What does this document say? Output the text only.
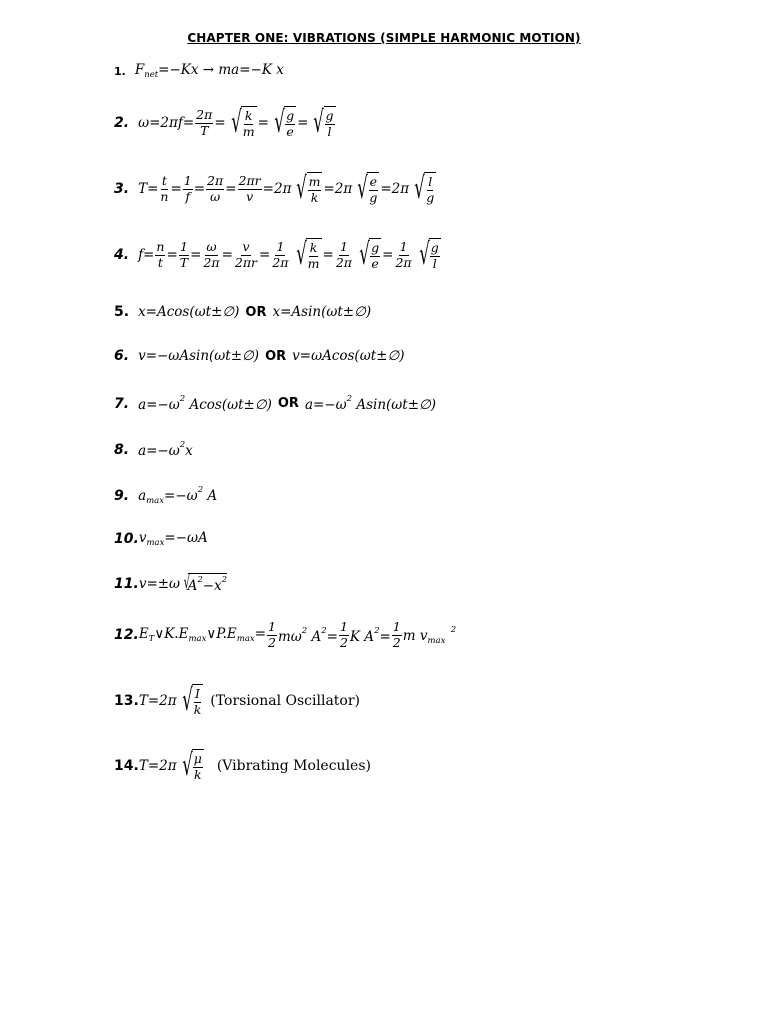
CHAPTER ONE: VIBRATIONS (SIMPLE HARMONIC MOTION)
1. $F_{net}=-Kx \to ma=-K$ x
2. $\omega=2\pi f= \frac{2\pi}{T}$ = √ $\frac{k}{m}$ = √ $\frac{g}{e}$ = √ $\frac{g}{l}$
3. $T= \frac{t}{n} = \frac{1}{f} = \frac{2\pi}{\omega} = \frac{2\pi r}{v} =2\pi$ √ $\frac{m}{k} =2\pi$ √ $\frac{e}{g} =2\pi$ √ $\frac{l}{g}$
4. $f= \frac{n}{t} = \frac{1}{T} = \frac{\omega}{2\pi} = \frac{v}{2\pi r} = \frac{1}{2\pi}$ √ $\frac{k}{m} = \frac{1}{2\pi}$ √ $\frac{g}{e} = \frac{1}{2\pi}$ √ $\frac{g}{l}$
5. x=Acos(ωt±∅) OR x=Asin(ωt±∅)
6. v=−ωAsin(ωt±∅) OR v=ωAcos(ωt±∅)
7. $a=-\omega^2$ Acos(ωt±∅) OR $a=-\omega^2$ Asin(ωt±∅)
8. $a=-\omega^2x$
9. $a_{max}=-\omega^2$ A
10. $v_{max}=-\omega A$
11. v=±ω √
$A^2-x^2$
12. $E_T\vee K.E_{max}\vee P.E_{max}= \frac{1}{2} m\omega^2$ $A^2= \frac{1}{2}$ K $A^2= \frac{1}{2}$ m $v_{max}$  $^2$
13. T=2π √ $\frac{I}{k}$ (Torsional Oscillator)
14. T=2π √ $\frac{\mu}{k}$ (Vibrating Molecules)
